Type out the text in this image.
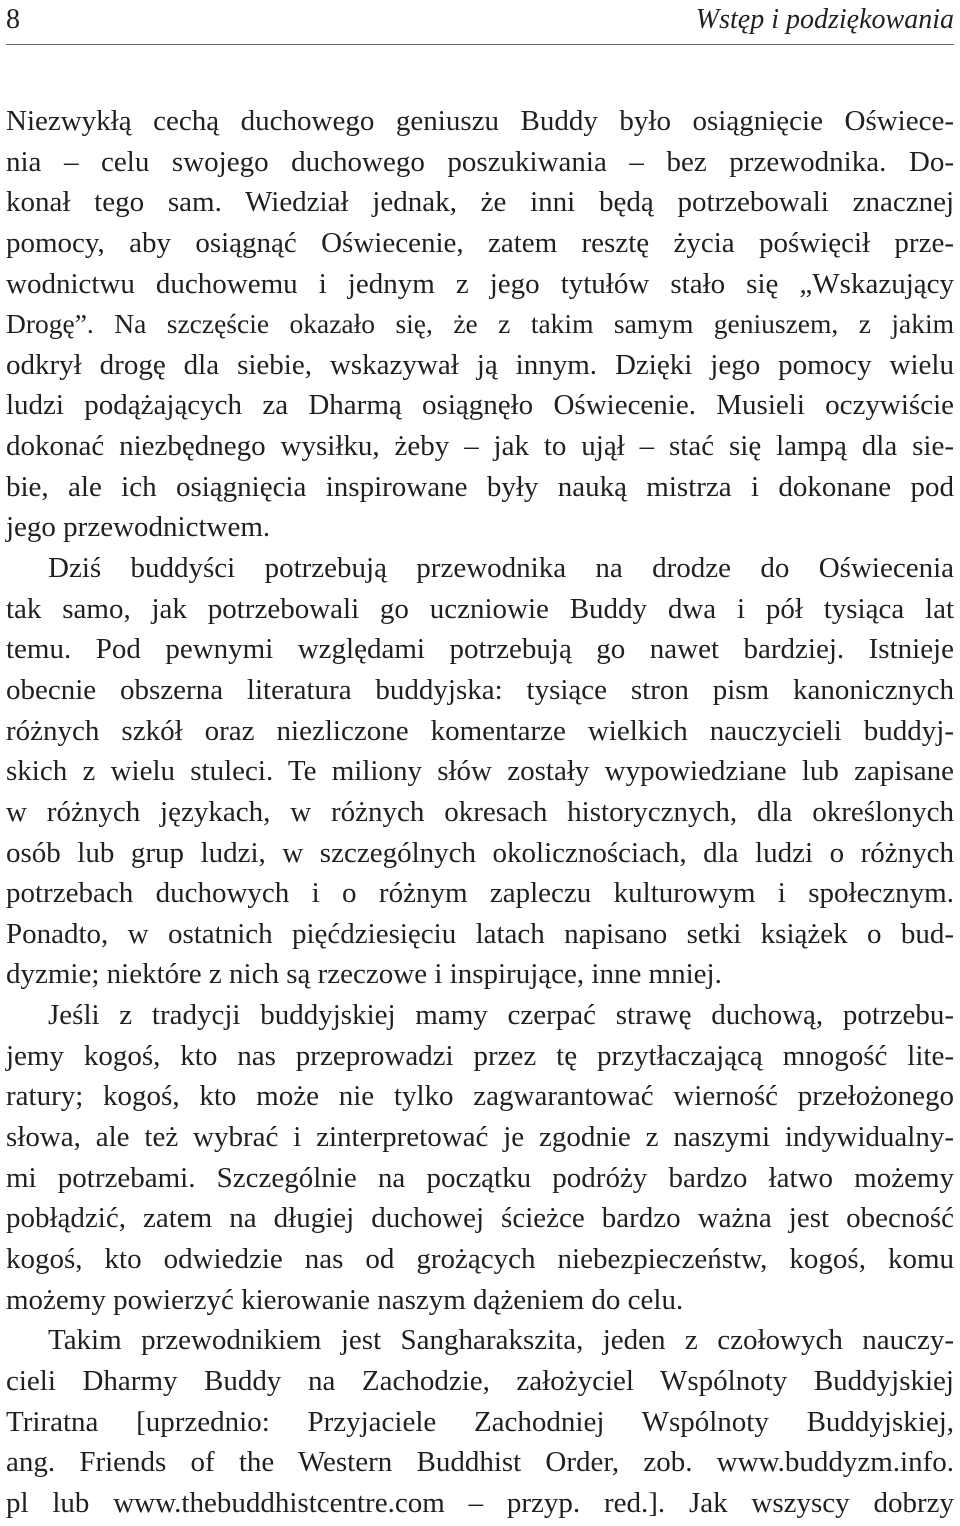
8	Wstęp i podziękowania
Niezwykłą cechą duchowego geniuszu Buddy było osiągnięcie Oświece-
nia – celu swojego duchowego poszukiwania – bez przewodnika. Do-
konał tego sam. Wiedział jednak, że inni będą potrzebowali znacznej
pomocy, aby osiągnąć Oświecenie, zatem resztę życia poświęcił prze-
wodnictwu duchowemu i jednym z jego tytułów stało się „Wskazujący
Drogę”. Na szczęście okazało się, że z takim samym geniuszem, z jakim
odkrył drogę dla siebie, wskazywał ją innym. Dzięki jego pomocy wielu
ludzi podążających za Dharmą osiągnęło Oświecenie. Musieli oczywiście
dokonać niezbędnego wysiłku, żeby – jak to ujął – stać się lampą dla sie-
bie, ale ich osiągnięcia inspirowane były nauką mistrza i dokonane pod
jego przewodnictwem.
Dziś buddyści potrzebują przewodnika na drodze do Oświecenia
tak samo, jak potrzebowali go uczniowie Buddy dwa i pół tysiąca lat
temu. Pod pewnymi względami potrzebują go nawet bardziej. Istnieje
obecnie obszerna literatura buddyjska: tysiące stron pism kanonicznych
różnych szkół oraz niezliczone komentarze wielkich nauczycieli buddyj-
skich z wielu stuleci. Te miliony słów zostały wypowiedziane lub zapisane
w różnych językach, w różnych okresach historycznych, dla określonych
osób lub grup ludzi, w szczególnych okolicznościach, dla ludzi o różnych
potrzebach duchowych i o różnym zapleczu kulturowym i społecznym.
Ponadto, w ostatnich pięćdziesięciu latach napisano setki książek o bud-
dyzmie; niektóre z nich są rzeczowe i inspirujące, inne mniej.
Jeśli z tradycji buddyjskiej mamy czerpać strawę duchową, potrzebu-
jemy kogoś, kto nas przeprowadzi przez tę przytłaczającą mnogość lite-
ratury; kogoś, kto może nie tylko zagwarantować wierność przełożonego
słowa, ale też wybrać i zinterpretować je zgodnie z naszymi indywidualny-
mi potrzebami. Szczególnie na początku podróży bardzo łatwo możemy
pobłądzić, zatem na długiej duchowej ścieżce bardzo ważna jest obecność
kogoś, kto odwiedzie nas od grożących niebezpieczeństw, kogoś, komu
możemy powierzyć kierowanie naszym dążeniem do celu.
Takim przewodnikiem jest Sangharakszita, jeden z czołowych nauczy-
cieli Dharmy Buddy na Zachodzie, założyciel Wspólnoty Buddyjskiej
Triratna [uprzednio: Przyjaciele Zachodniej Wspólnoty Buddyjskiej,
ang. Friends of the Western Buddhist Order, zob. www.buddyzm.info.
pl lub www.thebuddhistcentre.com – przyp. red.]. Jak wszyscy dobrzy
